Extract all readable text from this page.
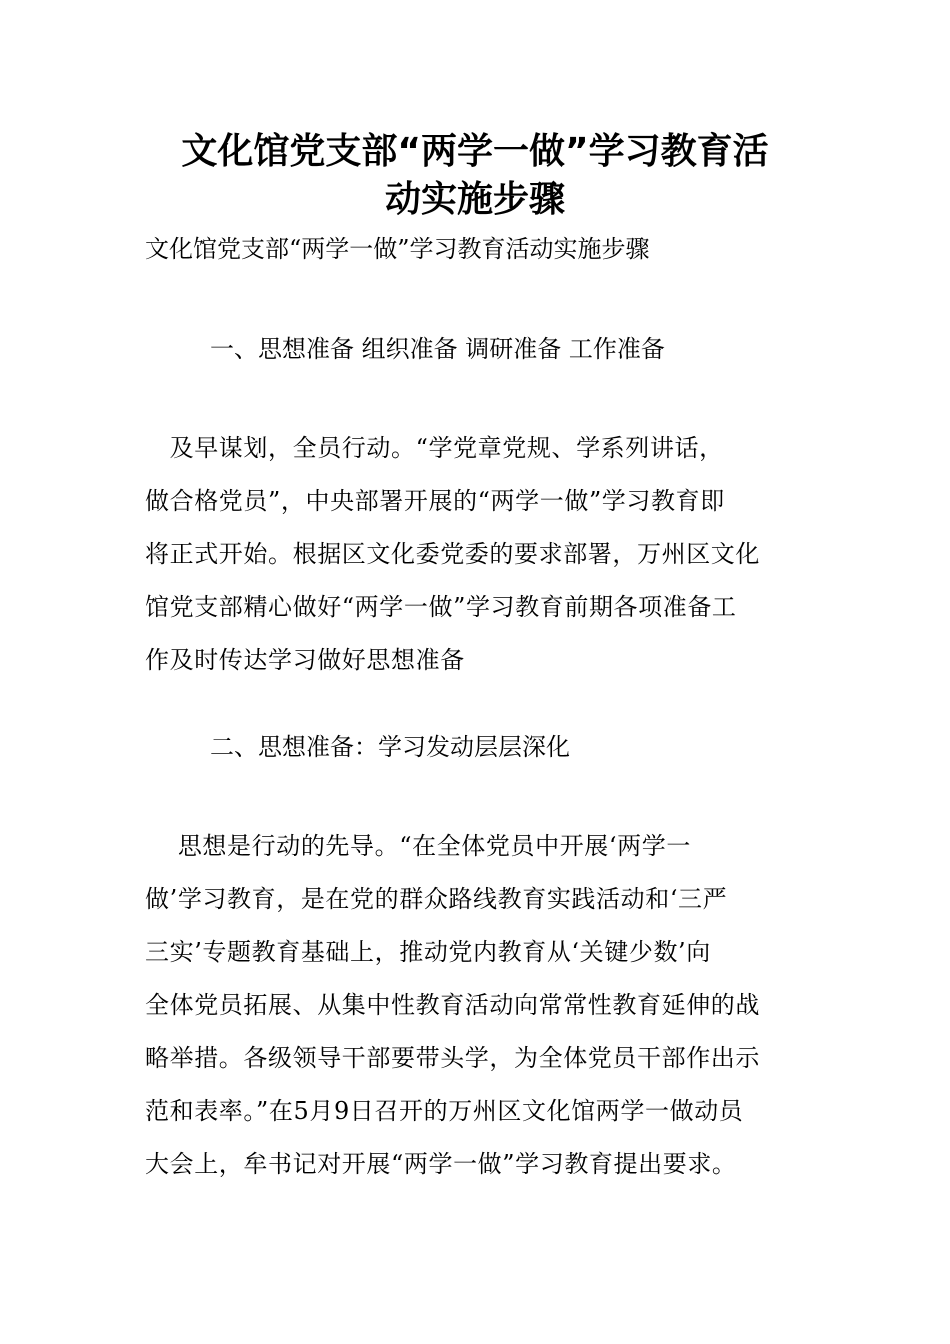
文化馆党支部“两学一做”学习教育活
动实施步骤

文化馆党支部“两学一做”学习教育活动实施步骤

一、思想准备 组织准备 调研准备 工作准备

　及早谋划，全员行动。“学党章党规、学系列讲话，
做合格党员”，中央部署开展的“两学一做”学习教育即
将正式开始。根据区文化委党委的要求部署，万州区文化
馆党支部精心做好“两学一做”学习教育前期各项准备工
作及时传达学习做好思想准备

二、思想准备：学习发动层层深化

　 思想是行动的先导。“在全体党员中开展‘两学一
做’学习教育，是在党的群众路线教育实践活动和‘三严
三实’专题教育基础上，推动党内教育从‘关键少数’向
全体党员拓展、从集中性教育活动向常常性教育延伸的战
略举措。各级领导干部要带头学，为全体党员干部作出示
范和表率。”在5月9日召开的万州区文化馆两学一做动员
大会上，牟书记对开展“两学一做”学习教育提出要求。
